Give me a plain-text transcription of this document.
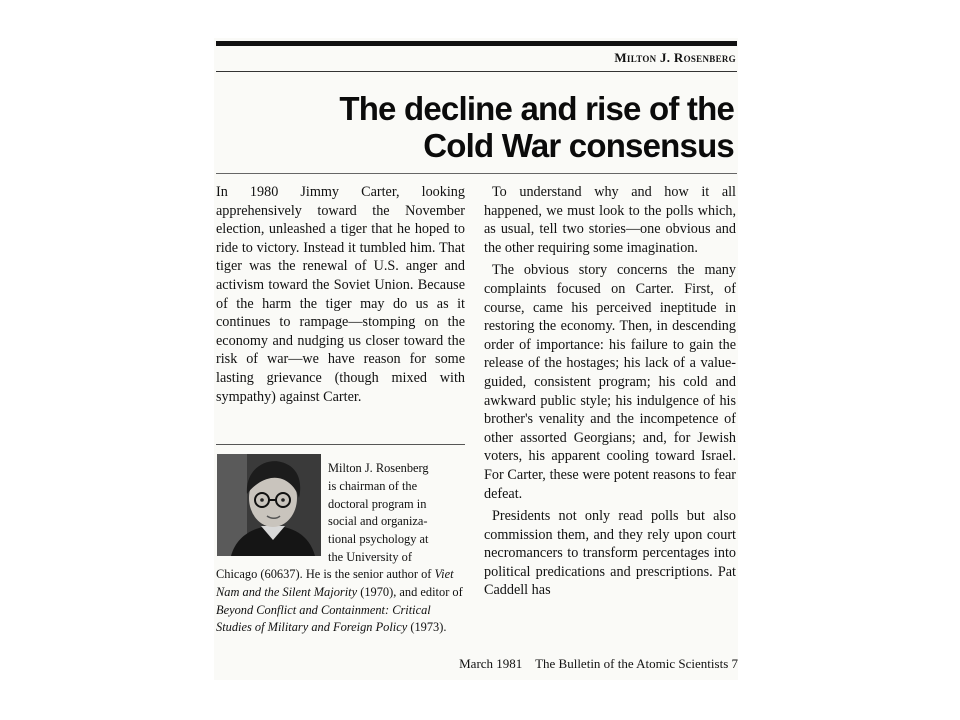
Milton J. Rosenberg
The decline and rise of the
Cold War consensus

In 1980 Jimmy Carter, looking apprehensively toward the November election, unleashed a tiger that he hoped to ride to victory. Instead it tumbled him. That tiger was the renewal of U.S. anger and activism toward the Soviet Union. Because of the harm the tiger may do us as it continues to rampage—stomping on the economy and nudging us closer toward the risk of war—we have reason for some lasting grievance (though mixed with sympathy) against Carter.

Milton J. Rosenberg
is chairman of the
doctoral program in
social and organiza-
tional psychology at
the University of
Chicago (60637). He is the senior author of Viet Nam and the Silent Majority (1970), and editor of Beyond Conflict and Containment: Critical Studies of Military and Foreign Policy (1973).

To understand why and how it all happened, we must look to the polls which, as usual, tell two stories—one obvious and the other requiring some imagination.

The obvious story concerns the many complaints focused on Carter. First, of course, came his perceived ineptitude in restoring the economy. Then, in descending order of importance: his failure to gain the release of the hostages; his lack of a value-guided, consistent program; his cold and awkward public style; his indulgence of his brother's venality and the incompetence of other assorted Georgians; and, for Jewish voters, his apparent cooling toward Israel. For Carter, these were potent reasons to fear defeat.

Presidents not only read polls but also commission them, and they rely upon court necromancers to transform percentages into political predications and prescriptions. Pat Caddell has

March 1981 The Bulletin of the Atomic Scientists 7
